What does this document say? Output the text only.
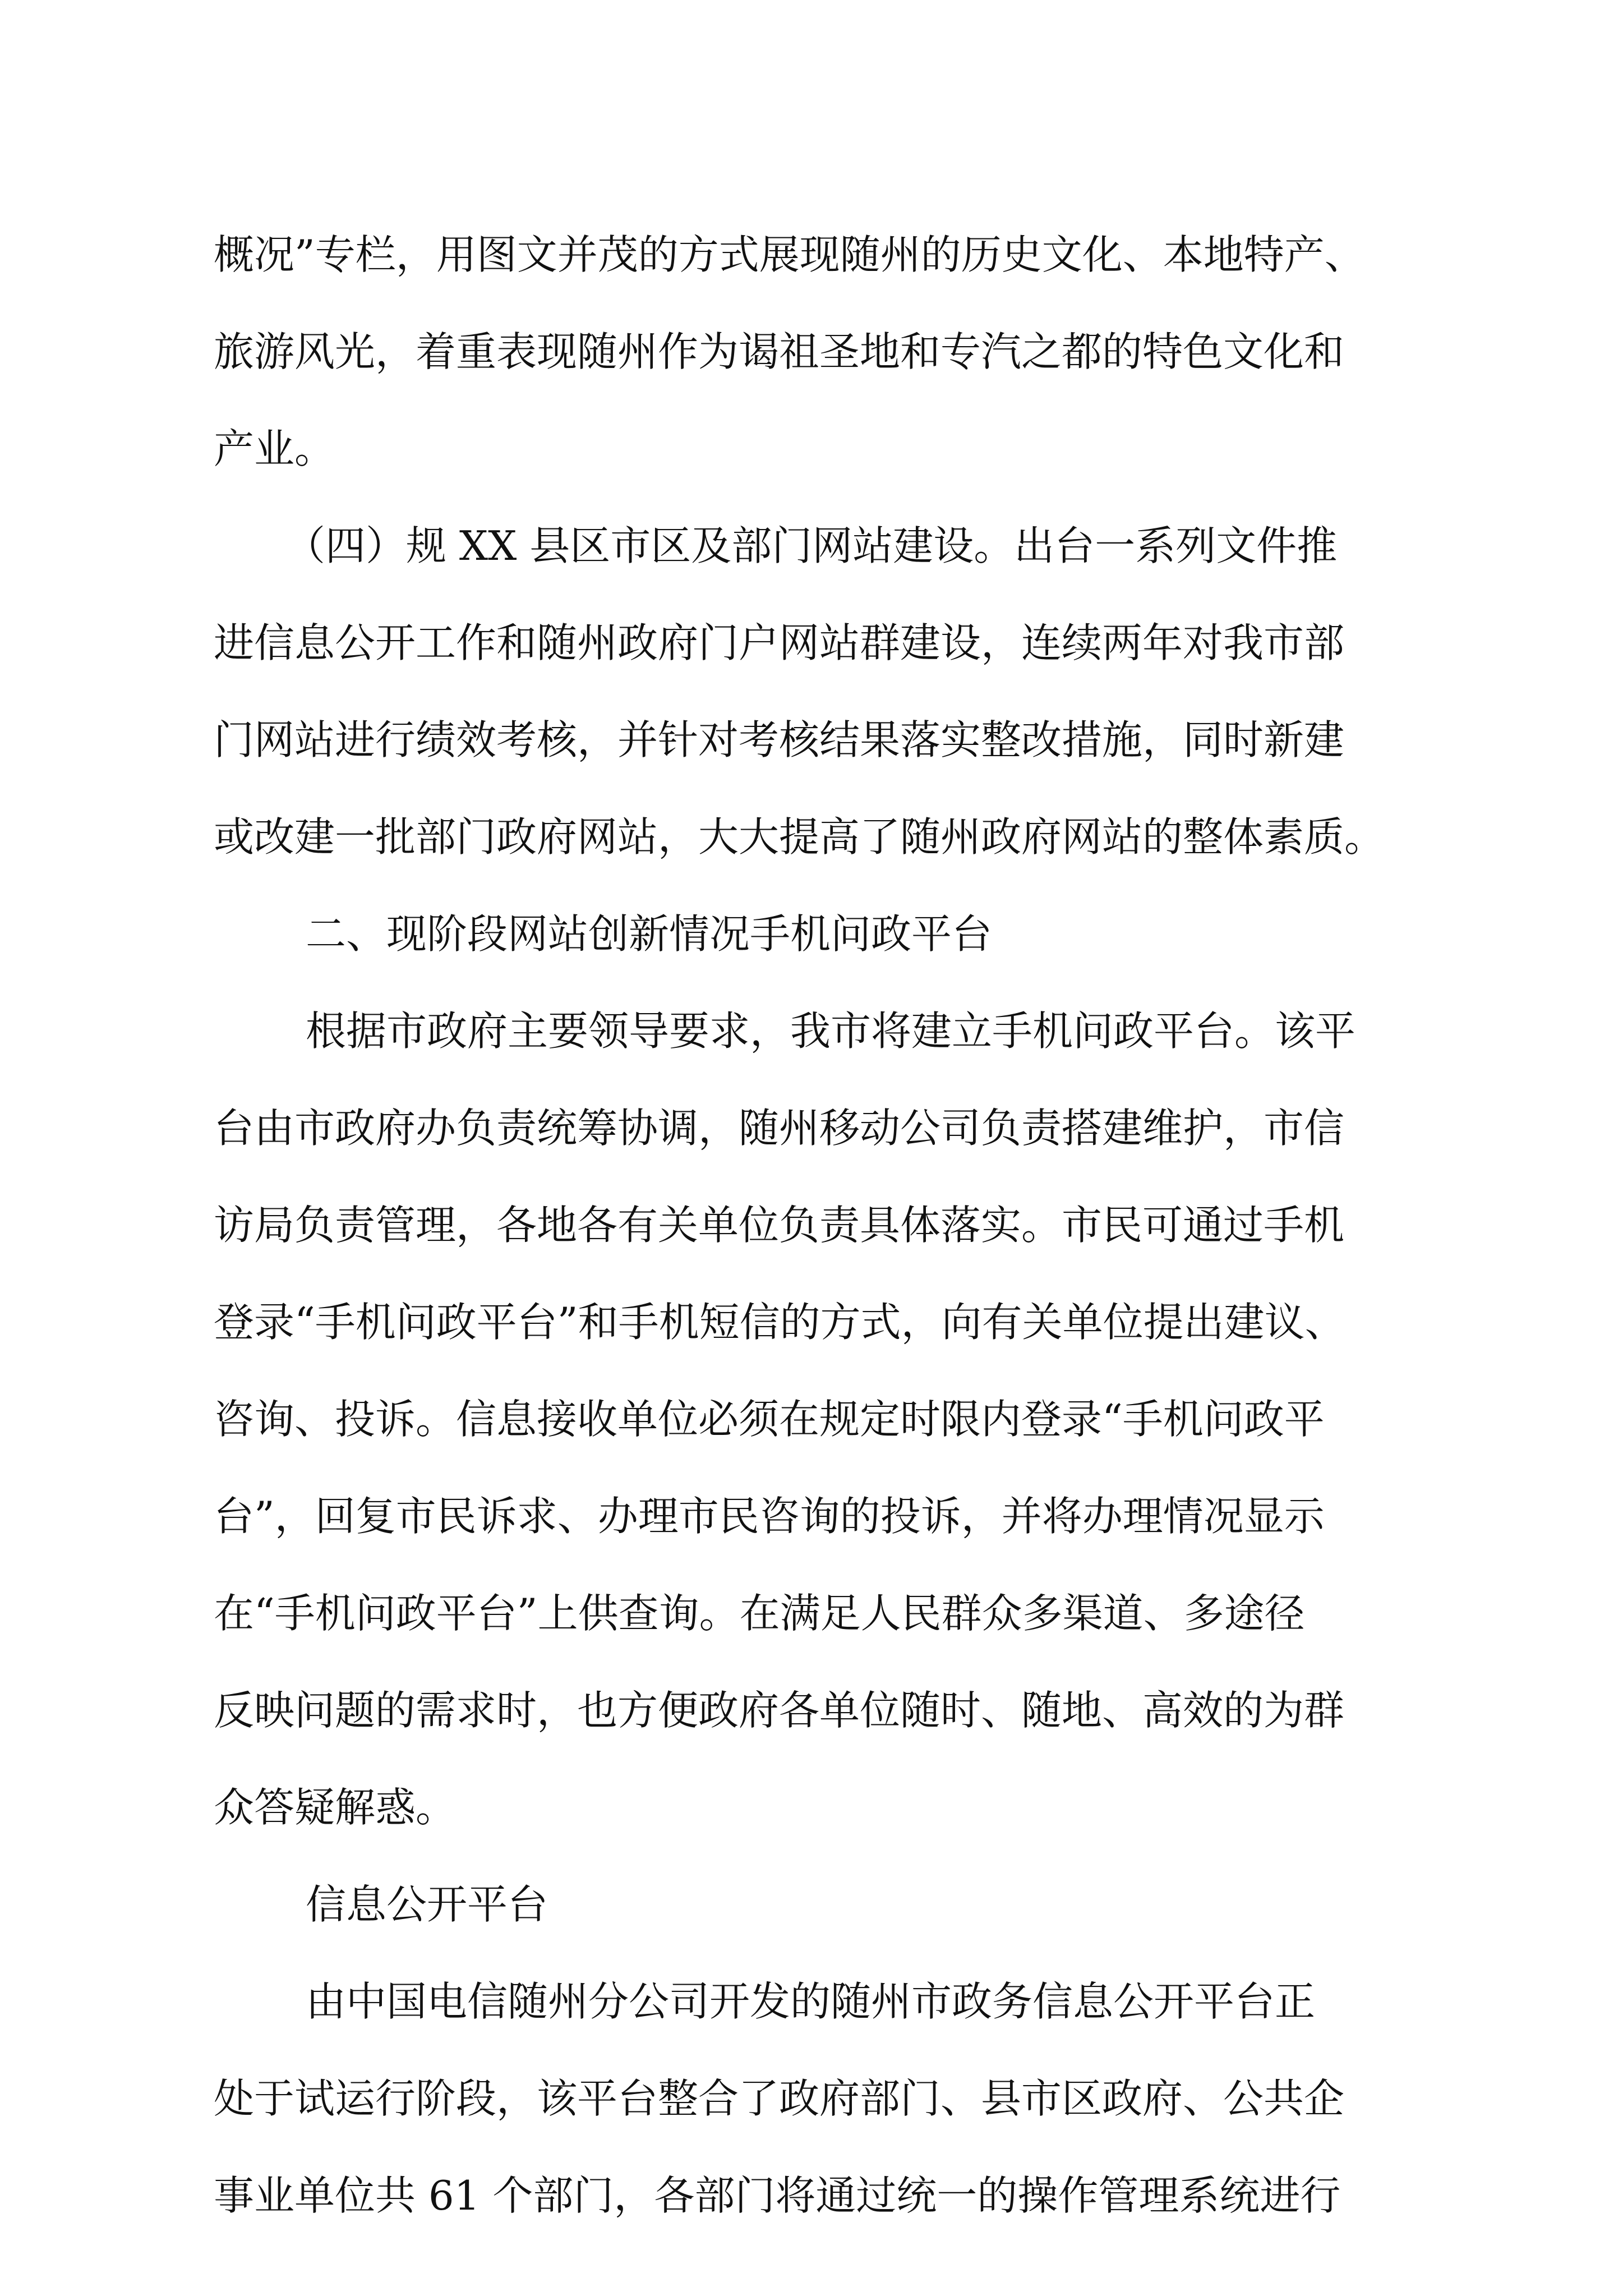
概况”专栏，用图文并茂的方式展现随州的历史文化、本地特产、
旅游风光，着重表现随州作为谒祖圣地和专汽之都的特色文化和
产业。
（四）规 XX 县区市区及部门网站建设。出台一系列文件推
进信息公开工作和随州政府门户网站群建设，连续两年对我市部
门网站进行绩效考核，并针对考核结果落实整改措施，同时新建
或改建一批部门政府网站，大大提高了随州政府网站的整体素质。
二、现阶段网站创新情况手机问政平台
根据市政府主要领导要求，我市将建立手机问政平台。该平
台由市政府办负责统筹协调，随州移动公司负责搭建维护，市信
访局负责管理，各地各有关单位负责具体落实。市民可通过手机
登录“手机问政平台”和手机短信的方式，向有关单位提出建议、
咨询、投诉。信息接收单位必须在规定时限内登录“手机问政平
台”，回复市民诉求、办理市民咨询的投诉，并将办理情况显示
在“手机问政平台”上供查询。在满足人民群众多渠道、多途径
反映问题的需求时，也方便政府各单位随时、随地、高效的为群
众答疑解惑。
信息公开平台
由中国电信随州分公司开发的随州市政务信息公开平台正
处于试运行阶段，该平台整合了政府部门、县市区政府、公共企
事业单位共 61 个部门，各部门将通过统一的操作管理系统进行
